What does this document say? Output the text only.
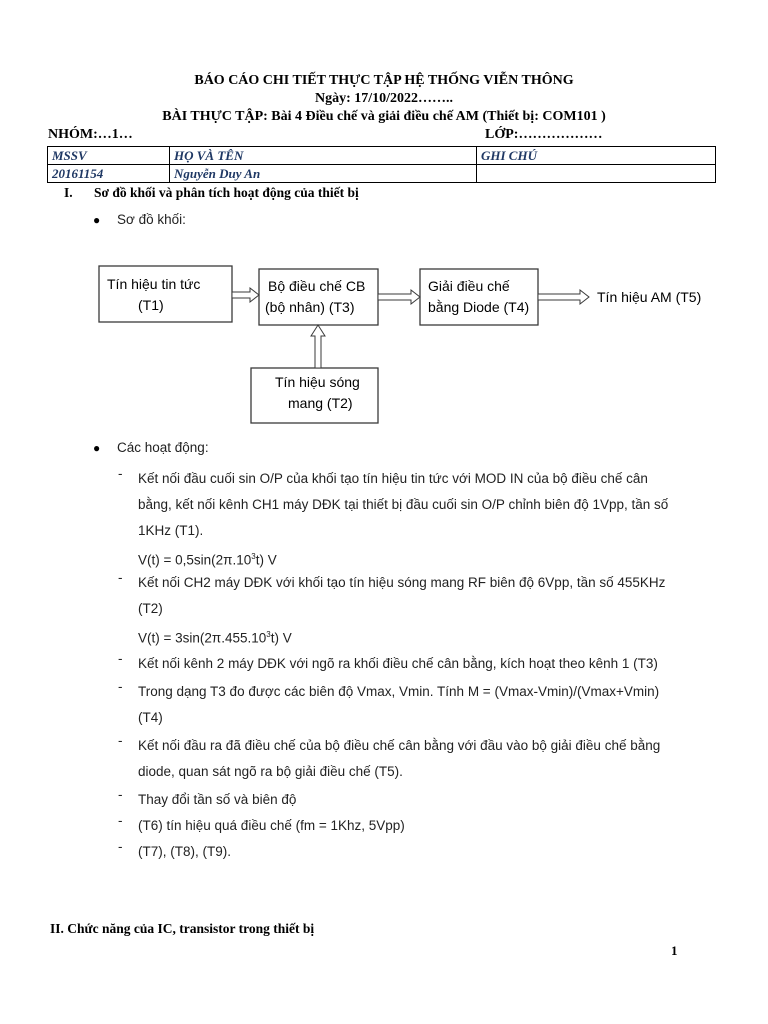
BÁO CÁO CHI TIẾT THỰC TẬP HỆ THỐNG VIỄN THÔNG
Ngày: 17/10/2022……..
BÀI THỰC TẬP: Bài 4 Điều chế và giải điều chế AM (Thiết bị: COM101 )
NHÓM:…1…	LỚP:………………
MSSV	HỌ VÀ TÊN	GHI CHÚ
20161154	Nguyễn Duy An	
I. Sơ đồ khối và phân tích hoạt động của thiết bị
● Sơ đồ khối:
Tín hiệu tin tức
(T1)
Bộ điều chế CB
(bộ nhân) (T3)
Giải điều chế
bằng Diode (T4)
Tín hiệu sóng
mang (T2)
Tín hiệu AM (T5)
● Các hoạt động:
- Kết nối đầu cuối sin O/P của khối tạo tín hiệu tin tức với MOD IN của bộ điều chế cân
bằng, kết nối kênh CH1 máy DĐK tại thiết bị đầu cuối sin O/P chỉnh biên độ 1Vpp, tần số
1KHz (T1).
$V(t) = 0,5\sin(2\pi.10^3t)$ V
- Kết nối CH2 máy DĐK với khối tạo tín hiệu sóng mang RF biên độ 6Vpp, tần số 455KHz
(T2)
$V(t) = 3\sin(2\pi.455.10^3t)$ V
- Kết nối kênh 2 máy DĐK với ngõ ra khối điều chế cân bằng, kích hoạt theo kênh 1 (T3)
- Trong dạng T3 đo được các biên độ Vmax, Vmin. Tính M = (Vmax-Vmin)/(Vmax+Vmin)
(T4)
- Kết nối đầu ra đã điều chế của bộ điều chế cân bằng với đầu vào bộ giải điều chế bằng
diode, quan sát ngõ ra bộ giải điều chế (T5).
- Thay đổi tần số và biên độ
- (T6) tín hiệu quá điều chế (fm = 1Khz, 5Vpp)
- (T7), (T8), (T9).
II. Chức năng của IC, transistor trong thiết bị
1
